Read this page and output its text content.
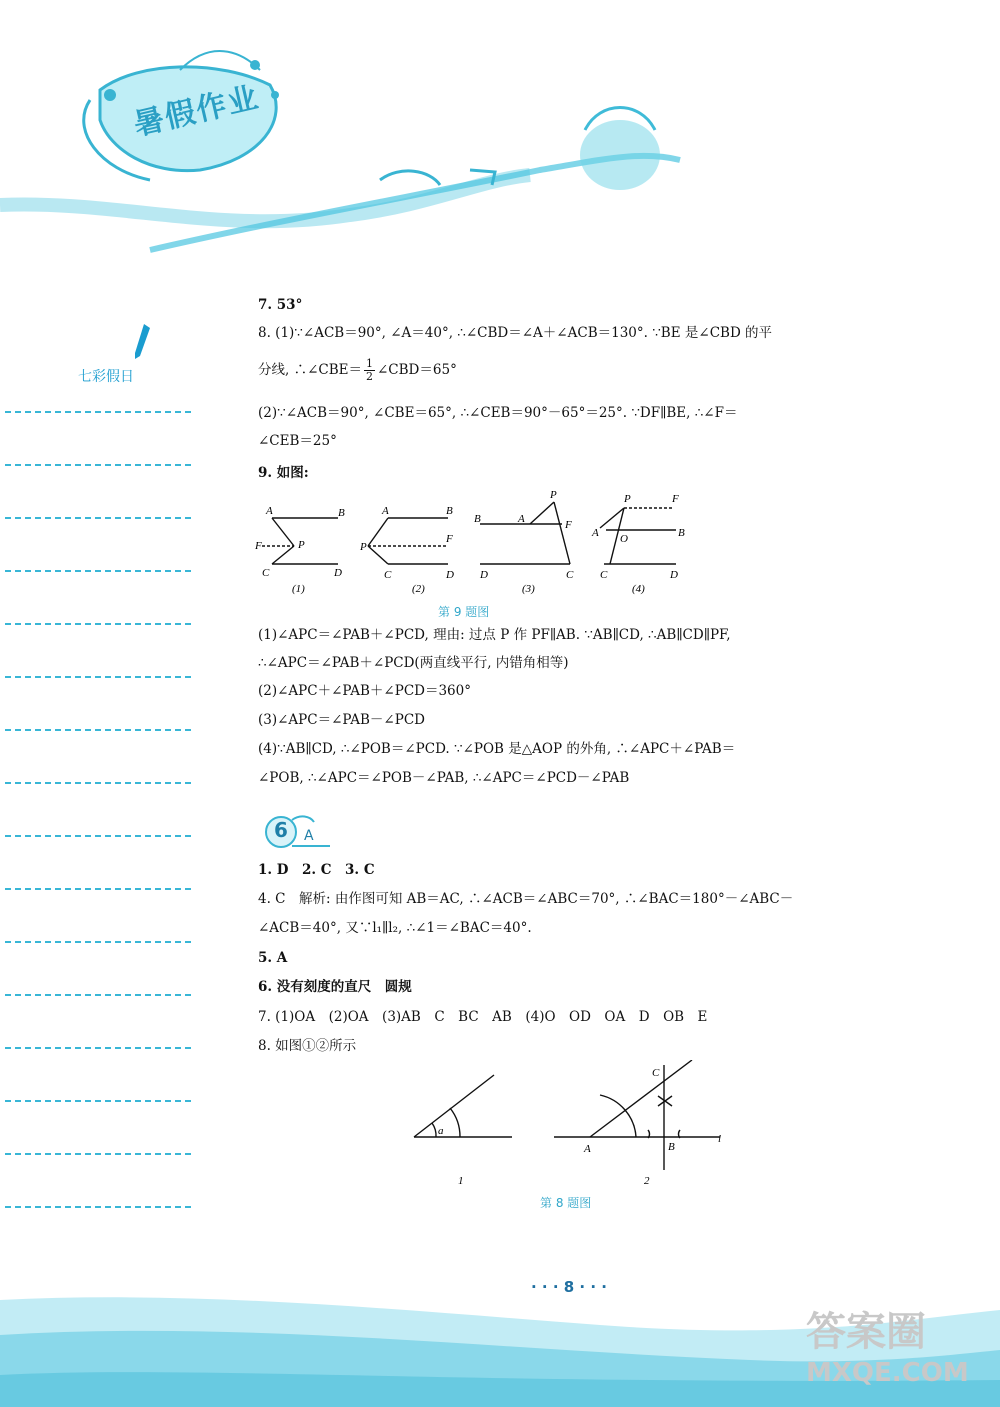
暑假作业
七彩假日
7. 53°
8. (1)∵∠ACB＝90°, ∠A＝40°, ∴∠CBD＝∠A＋∠ACB＝130°. ∵BE 是∠CBD 的平
分线, ∴∠CBE＝ $\frac{1}{2}$ ∠CBD＝65°
(2)∵∠ACB＝90°, ∠CBE＝65°, ∴∠CEB＝90°－65°＝25°. ∵DF∥BE, ∴∠F＝
∠CEB＝25°
9. 如图:
A	B
F	P
C	D
(1)
A	B
P
F
C	D
(2)
B	A
P
F
D	C
(3)
P	F
A O	B
C	D
(4)
第 9 题图
(1)∠APC＝∠PAB＋∠PCD, 理由: 过点 P 作 PF∥AB. ∵AB∥CD, ∴AB∥CD∥PF,
∴∠APC＝∠PAB＋∠PCD(两直线平行, 内错角相等)
(2)∠APC＋∠PAB＋∠PCD＝360°
(3)∠APC＝∠PAB－∠PCD
(4)∵AB∥CD, ∴∠POB＝∠PCD. ∵∠POB 是△AOP 的外角, ∴∠APC＋∠PAB＝
∠POB, ∴∠APC＝∠POB－∠PAB, ∴∠APC＝∠PCD－∠PAB
6 A
1. D　2. C　3. C
4. C　解析: 由作图可知 AB＝AC, ∴∠ACB＝∠ABC＝70°, ∴∠BAC＝180°－∠ABC－
∠ACB＝40°, 又∵l₁∥l₂, ∴∠1＝∠BAC＝40°.
5. A
6. 没有刻度的直尺　圆规
7. (1)OA　(2)OA　(3)AB　C　BC　AB　(4)O　OD　OA　D　OB　E
8. 如图①②所示
a
1
C
A	B
l
2
第 8 题图
· · · 8 · · ·
答案圈
MXQE.COM
